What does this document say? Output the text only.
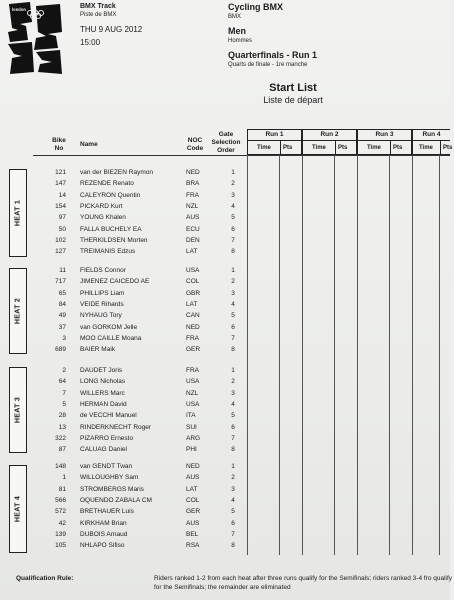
london	BMX Track
Piste de BMX
THU 9 AUG 2012
15:00
Cycling BMX
BMX
Men
Hommes
Quarterfinals - Run 1
Quarts de finale - 1re manche
Start List
Liste de départ
Bike
No
Name
NOC
Code
Gate
Selection
Order
Run 1
Time Pts
Run 2
Time Pts
Run 3
Time Pts
Run 4
Time Pts
HEAT 1
HEAT 2
HEAT 3
HEAT 4
121 van der BIEZEN Raymon	NED	1
147 REZENDE Renato	BRA	2
14 CALEYRON Quentin	FRA	3
154 PICKARD Kurt	NZL	4
97 YOUNG Khalen	AUS	5
50 FALLA BUCHELY EA	ECU	6
102 THERKILDSEN Morten	DEN	7
127 TREIMANIS Edzus	LAT	8
11 FIELDS Connor	USA	1
717 JIMENEZ CAICEDO AE	COL	2
65 PHILLIPS Liam	GBR	3
84 VEIDE Rihards	LAT	4
49 NYHAUG Tory	CAN	5
37 van GORKOM Jelle	NED	6
3 MOO CAILLE Moana	FRA	7
689 BAIER Maik	GER	8
2 DAUDET Joris	FRA	1
64 LONG Nicholas	USA	2
7 WILLERS Marc	NZL	3
5 HERMAN David	USA	4
28 de VECCHI Manuel	ITA	5
13 RINDERKNECHT Roger	SUI	6
322 PIZARRO Ernesto	ARG	7
87 CALUAG Daniel	PHI	8
148 van GENDT Twan	NED	1
1 WILLOUGHBY Sam	AUS	2
81 STROMBERGS Maris	LAT	3
566 OQUENDO ZABALA CM	COL	4
572 BRETHAUER Luis	GER	5
42 KIRKHAM Brian	AUS	6
139 DUBOIS Arnaud	BEL	7
105 NHLAPO Sifiso	RSA	8
Qualification Rule:	Riders ranked 1-2 from each heat after three runs qualify for the Semifinals; riders ranked 3-4 fro qualify for the Semifinals; the remainder are eliminated
